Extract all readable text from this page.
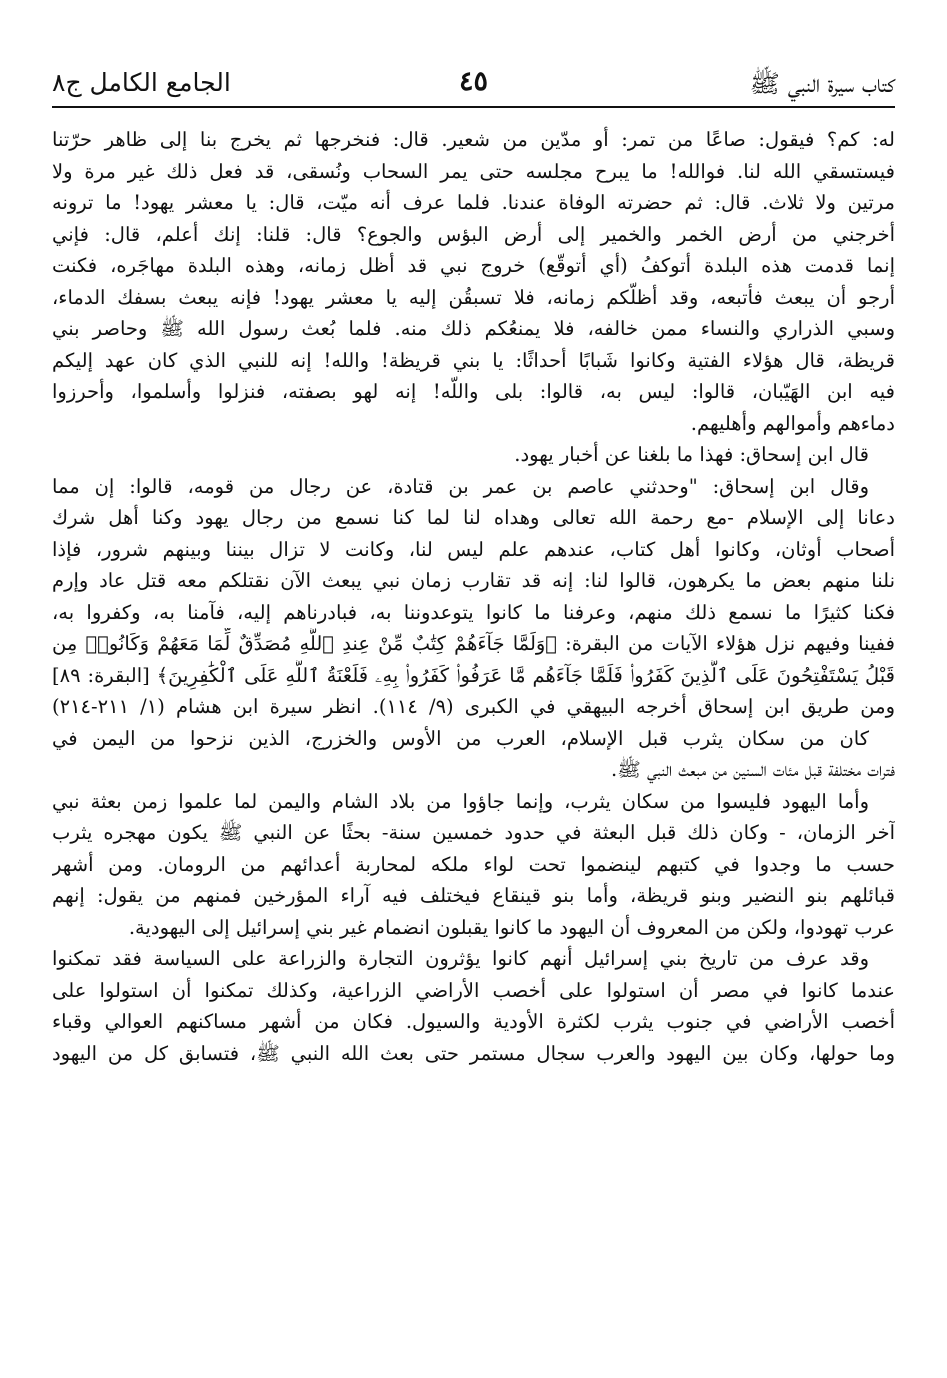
كتاب سيرة النبي ﷺ
٤٥
الجامع الكامل ج٨
له: كم؟ فيقول: صاعًا من تمر: أو مدّين من شعير. قال: فنخرجها ثم يخرج بنا إلى ظاهر حرّتنا
فيستسقي الله لنا. فوالله! ما يبرح مجلسه حتى يمر السحاب ونُسقى، قد فعل ذلك غير مرة ولا
مرتين ولا ثلاث. قال: ثم حضرته الوفاة عندنا. فلما عرف أنه ميّت، قال: يا معشر يهود! ما ترونه
أخرجني من أرض الخمر والخمير إلى أرض البؤس والجوع؟ قال: قلنا: إنك أعلم، قال: فإني
إنما قدمت هذه البلدة أتوكفُ (أي أتوقّع) خروج نبي قد أظل زمانه، وهذه البلدة مهاجَره، فكنت
أرجو أن يبعث فأتبعه، وقد أظلّكم زمانه، فلا تسبقُن إليه يا معشر يهود! فإنه يبعث بسفك الدماء،
وسبي الذراري والنساء ممن خالفه، فلا يمنعُكم ذلك منه. فلما بُعث رسول الله ﷺ وحاصر بني
قريظة، قال هؤلاء الفتية وكانوا شَبابًا أحداثًا: يا بني قريظة! والله! إنه للنبي الذي كان عهد إليكم
فيه ابن الهَيّبان، قالوا: ليس به، قالوا: بلى واللّه! إنه لهو بصفته، فنزلوا وأسلموا، وأحرزوا
دماءهم وأموالهم وأهليهم.
قال ابن إسحاق: فهذا ما بلغنا عن أخبار يهود.
وقال ابن إسحاق: "وحدثني عاصم بن عمر بن قتادة، عن رجال من قومه، قالوا: إن مما
دعانا إلى الإسلام -مع رحمة الله تعالى وهداه لنا لما كنا نسمع من رجال يهود وكنا أهل شرك
أصحاب أوثان، وكانوا أهل كتاب، عندهم علم ليس لنا، وكانت لا تزال بيننا وبينهم شرور، فإذا
نلنا منهم بعض ما يكرهون، قالوا لنا: إنه قد تقارب زمان نبي يبعث الآن نقتلكم معه قتل عاد وإرم
فكنا كثيرًا ما نسمع ذلك منهم، وعرفنا ما كانوا يتوعدوننا به، فبادرناهم إليه، فآمنا به، وكفروا به،
ففينا وفيهم نزل هؤلاء الآيات من البقرة: ﴿وَلَمَّا جَآءَهُمْ كِتَٰبٌ مِّنْ عِندِ ٱللَّهِ مُصَدِّقٌ لِّمَا مَعَهُمْ وَكَانُوا۟ مِن
قَبْلُ يَسْتَفْتِحُونَ عَلَى ٱلَّذِينَ كَفَرُوا۟ فَلَمَّا جَآءَهُم مَّا عَرَفُوا۟ كَفَرُوا۟ بِهِۦ فَلَعْنَةُ ٱللَّهِ عَلَى ٱلْكَٰفِرِينَ﴾ [البقرة: ٨٩]
ومن طريق ابن إسحاق أخرجه البيهقي في الكبرى (٩/ ١١٤). انظر سيرة ابن هشام (١/ ٢١١-٢١٤)
كان من سكان يثرب قبل الإسلام، العرب من الأوس والخزرج، الذين نزحوا من اليمن في
فترات مختلفة قبل مئات السنين من مبعث النبي ﷺ.
وأما اليهود فليسوا من سكان يثرب، وإنما جاؤوا من بلاد الشام واليمن لما علموا زمن بعثة نبي
آخر الزمان، - وكان ذلك قبل البعثة في حدود خمسين سنة- بحثًا عن النبي ﷺ يكون مهجره يثرب
حسب ما وجدوا في كتبهم لينضموا تحت لواء ملكه لمحاربة أعدائهم من الرومان. ومن أشهر
قبائلهم بنو النضير وبنو قريظة، وأما بنو قينقاع فيختلف فيه آراء المؤرخين فمنهم من يقول: إنهم
عرب تهودوا، ولكن من المعروف أن اليهود ما كانوا يقبلون انضمام غير بني إسرائيل إلى اليهودية.
وقد عرف من تاريخ بني إسرائيل أنهم كانوا يؤثرون التجارة والزراعة على السياسة فقد تمكنوا
عندما كانوا في مصر أن استولوا على أخصب الأراضي الزراعية، وكذلك تمكنوا أن استولوا على
أخصب الأراضي في جنوب يثرب لكثرة الأودية والسيول. فكان من أشهر مساكنهم العوالي وقباء
وما حولها، وكان بين اليهود والعرب سجال مستمر حتى بعث الله النبي ﷺ، فتسابق كل من اليهود
